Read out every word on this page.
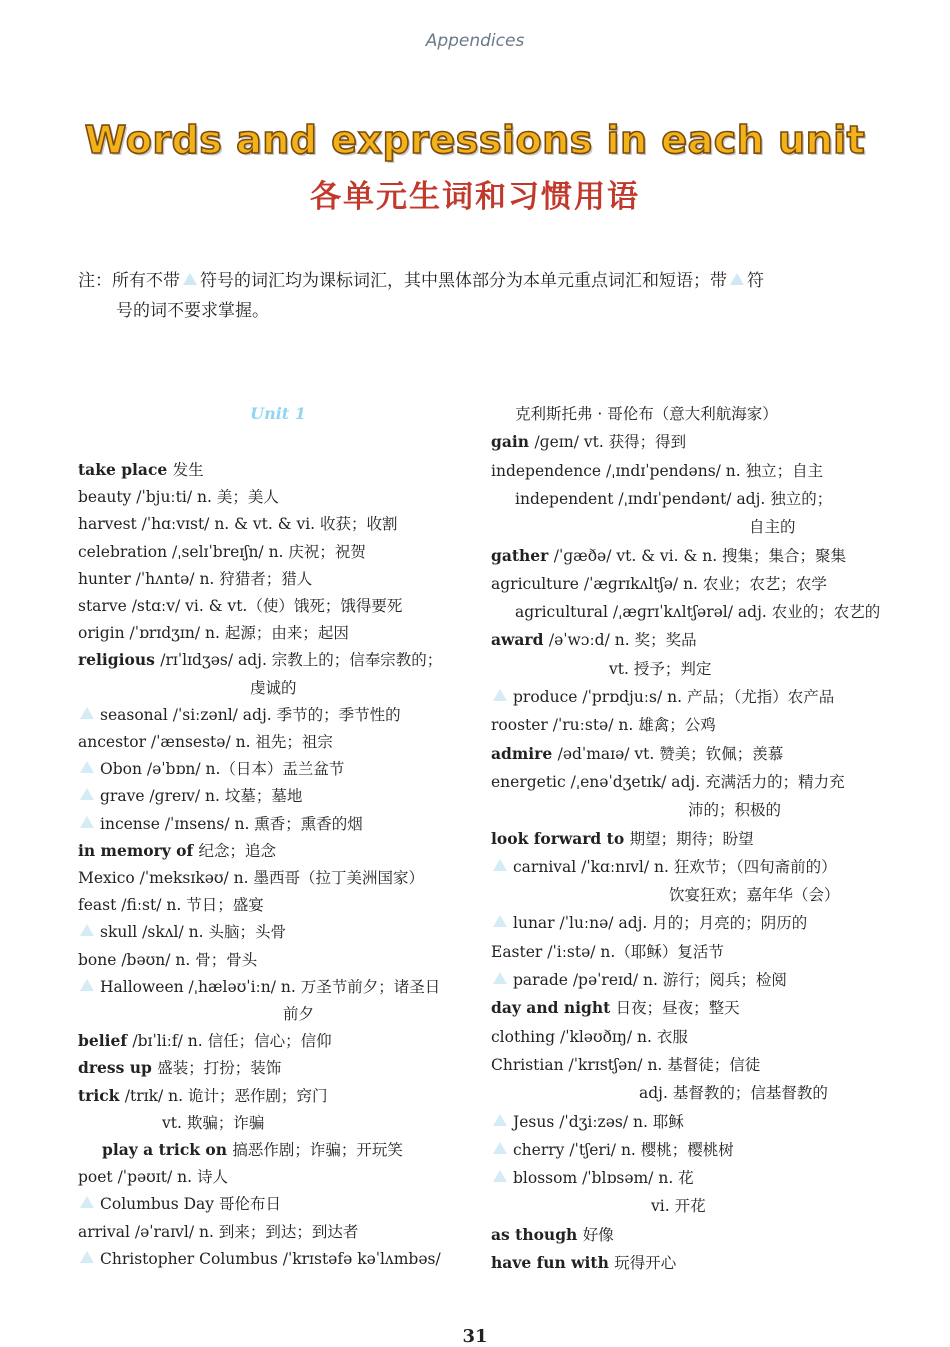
Appendices
Words and expressions in each unit
各单元生词和习惯用语
注：所有不带 符号的词汇均为课标词汇，其中黑体部分为本单元重点词汇和短语；带 符
号的词不要求掌握。
Unit 1
take place 发生
beauty /ˈbjuːti/ n. 美；美人
harvest /ˈhɑːvɪst/ n. & vt. & vi. 收获；收割
celebration /ˌselɪˈbreɪʃn/ n. 庆祝；祝贺
hunter /ˈhʌntə/ n. 狩猎者；猎人
starve /stɑːv/ vi. & vt.（使）饿死；饿得要死
origin /ˈɒrɪdʒɪn/ n. 起源；由来；起因
religious /rɪˈlɪdʒəs/ adj. 宗教上的；信奉宗教的；
虔诚的
seasonal /ˈsiːzənl/ adj. 季节的；季节性的
ancestor /ˈænsestə/ n. 祖先；祖宗
Obon /əˈbɒn/ n.（日本）盂兰盆节
grave /ɡreɪv/ n. 坟墓；墓地
incense /ˈɪnsens/ n. 熏香；熏香的烟
in memory of 纪念；追念
Mexico /ˈmeksɪkəʊ/ n. 墨西哥（拉丁美洲国家）
feast /fiːst/ n. 节日；盛宴
skull /skʌl/ n. 头脑；头骨
bone /bəʊn/ n. 骨；骨头
Halloween /ˌhæləʊˈiːn/ n. 万圣节前夕；诸圣日
前夕
belief /bɪˈliːf/ n. 信任；信心；信仰
dress up 盛装；打扮；装饰
trick /trɪk/ n. 诡计；恶作剧；窍门
vt. 欺骗；诈骗
play a trick on 搞恶作剧；诈骗；开玩笑
poet /ˈpəʊɪt/ n. 诗人
Columbus Day 哥伦布日
arrival /əˈraɪvl/ n. 到来；到达；到达者
Christopher Columbus /ˈkrɪstəfə kəˈlʌmbəs/
克利斯托弗 · 哥伦布（意大利航海家）
gain /ɡeɪn/ vt. 获得；得到
independence /ˌɪndɪˈpendəns/ n. 独立；自主
independent /ˌɪndɪˈpendənt/ adj. 独立的；
自主的
gather /ˈɡæðə/ vt. & vi. & n. 搜集；集合；聚集
agriculture /ˈæɡrɪkʌltʃə/ n. 农业；农艺；农学
agricultural /ˌæɡrɪˈkʌltʃərəl/ adj. 农业的；农艺的
award /əˈwɔːd/ n. 奖；奖品
vt. 授予；判定
produce /ˈprɒdjuːs/ n. 产品；（尤指）农产品
rooster /ˈruːstə/ n. 雄禽；公鸡
admire /ədˈmaɪə/ vt. 赞美；钦佩；羡慕
energetic /ˌenəˈdʒetɪk/ adj. 充满活力的；精力充
沛的；积极的
look forward to 期望；期待；盼望
carnival /ˈkɑːnɪvl/ n. 狂欢节；（四旬斋前的）
饮宴狂欢；嘉年华（会）
lunar /ˈluːnə/ adj. 月的；月亮的；阴历的
Easter /ˈiːstə/ n.（耶稣）复活节
parade /pəˈreɪd/ n. 游行；阅兵；检阅
day and night 日夜；昼夜；整天
clothing /ˈkləʊðɪŋ/ n. 衣服
Christian /ˈkrɪstʃən/ n. 基督徒；信徒
adj. 基督教的；信基督教的
Jesus /ˈdʒiːzəs/ n. 耶稣
cherry /ˈtʃeri/ n. 樱桃；樱桃树
blossom /ˈblɒsəm/ n. 花
vi. 开花
as though 好像
have fun with 玩得开心
31
